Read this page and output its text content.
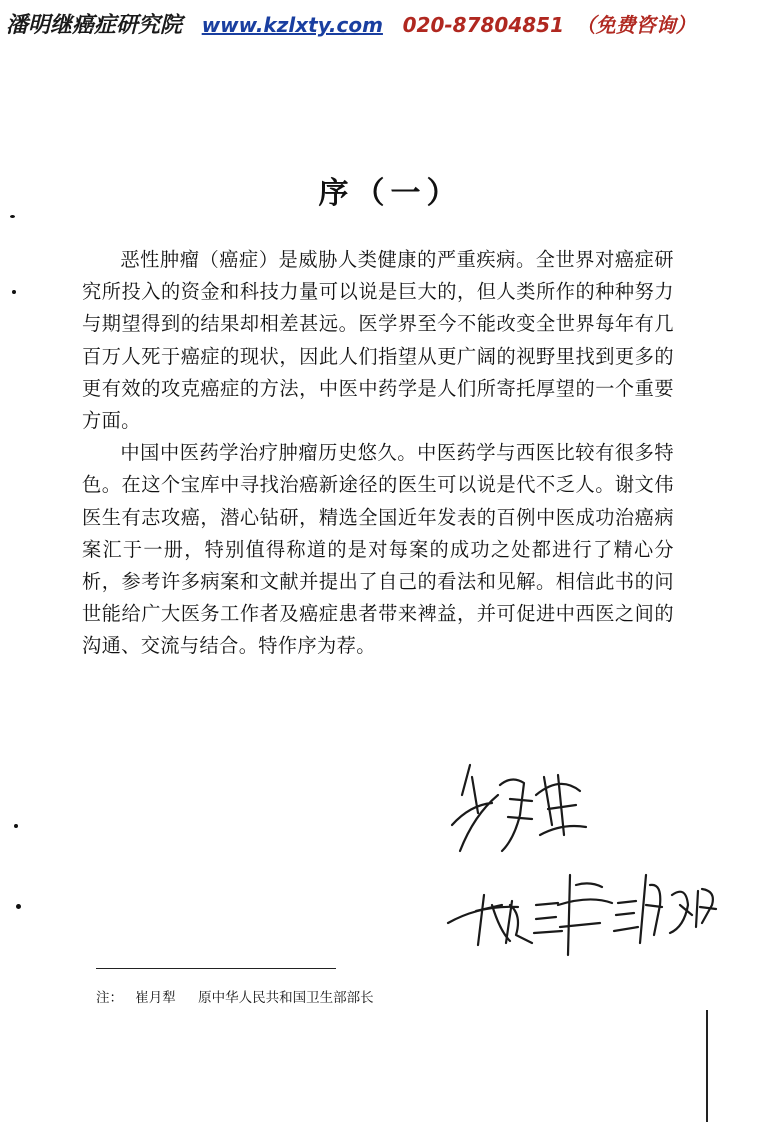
潘明继癌症研究院 www.kzlxty.com 020-87804851 （免费咨询）
序（一）

恶性肿瘤（癌症）是威胁人类健康的严重疾病。全世界对癌症研究所投入的资金和科技力量可以说是巨大的，但人类所作的种种努力与期望得到的结果却相差甚远。医学界至今不能改变全世界每年有几百万人死于癌症的现状，因此人们指望从更广阔的视野里找到更多的更有效的攻克癌症的方法，中医中药学是人们所寄托厚望的一个重要方面。

中国中医药学治疗肿瘤历史悠久。中医药学与西医比较有很多特色。在这个宝库中寻找治癌新途径的医生可以说是代不乏人。谢文伟医生有志攻癌，潜心钻研，精选全国近年发表的百例中医成功治癌病案汇于一册，特别值得称道的是对每案的成功之处都进行了精心分析，参考许多病案和文献并提出了自己的看法和见解。相信此书的问世能给广大医务工作者及癌症患者带来裨益，并可促进中西医之间的沟通、交流与结合。特作序为荐。

注： 崔月犁 原中华人民共和国卫生部部长
